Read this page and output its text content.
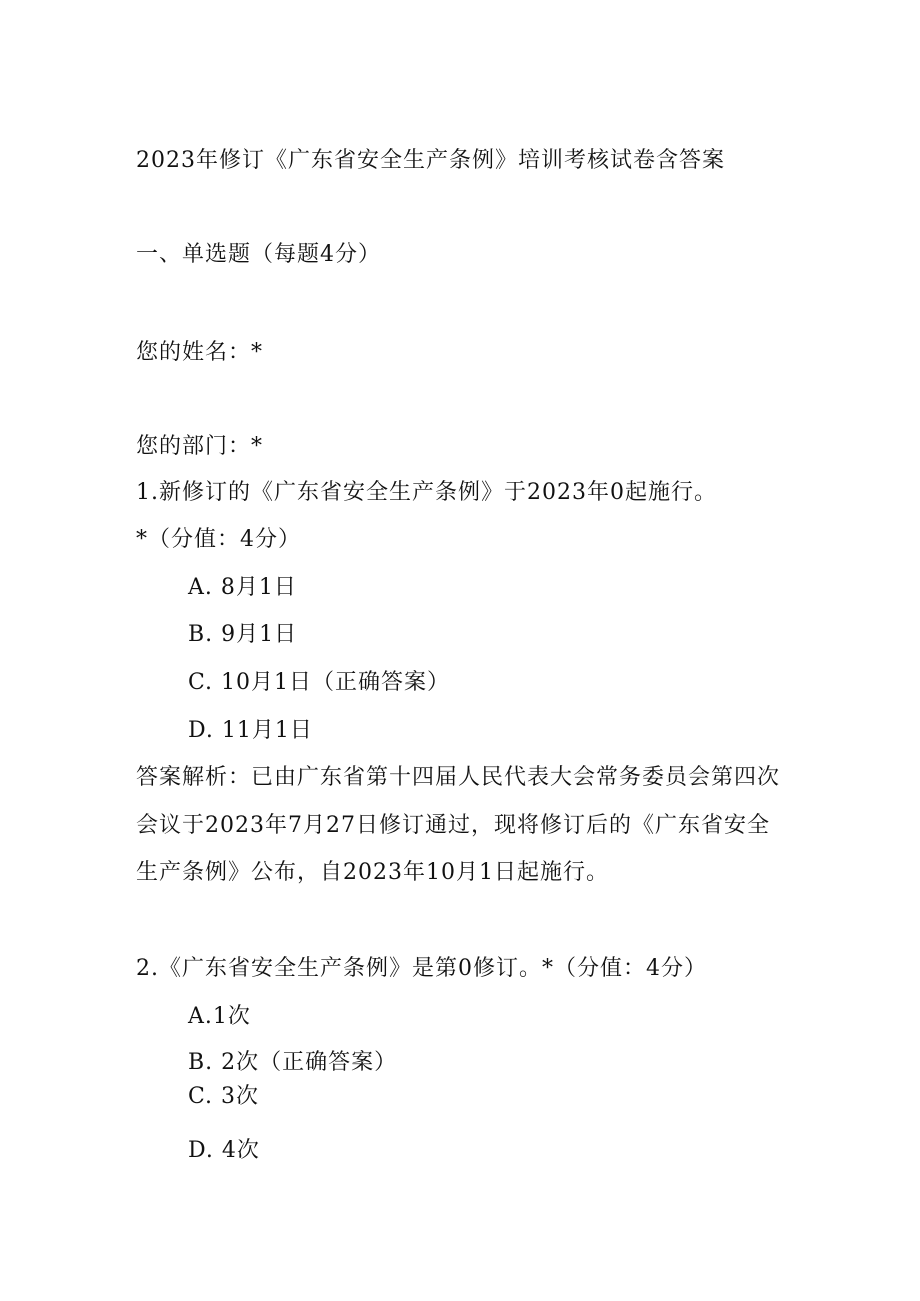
2023年修订《广东省安全生产条例》培训考核试卷含答案
一、单选题（每题4分）
您的姓名：*
您的部门：*
1.新修订的《广东省安全生产条例》于2023年0起施行。
*（分值：4分）
A. 8月1日
B. 9月1日
C. 10月1日（正确答案）
D. 11月1日
答案解析：已由广东省第十四届人民代表大会常务委员会第四次
会议于2023年7月27日修订通过，现将修订后的《广东省安全
生产条例》公布，自2023年10月1日起施行。
2.《广东省安全生产条例》是第0修订。*（分值：4分）
A.1次
B. 2次（正确答案）
C. 3次
D. 4次
